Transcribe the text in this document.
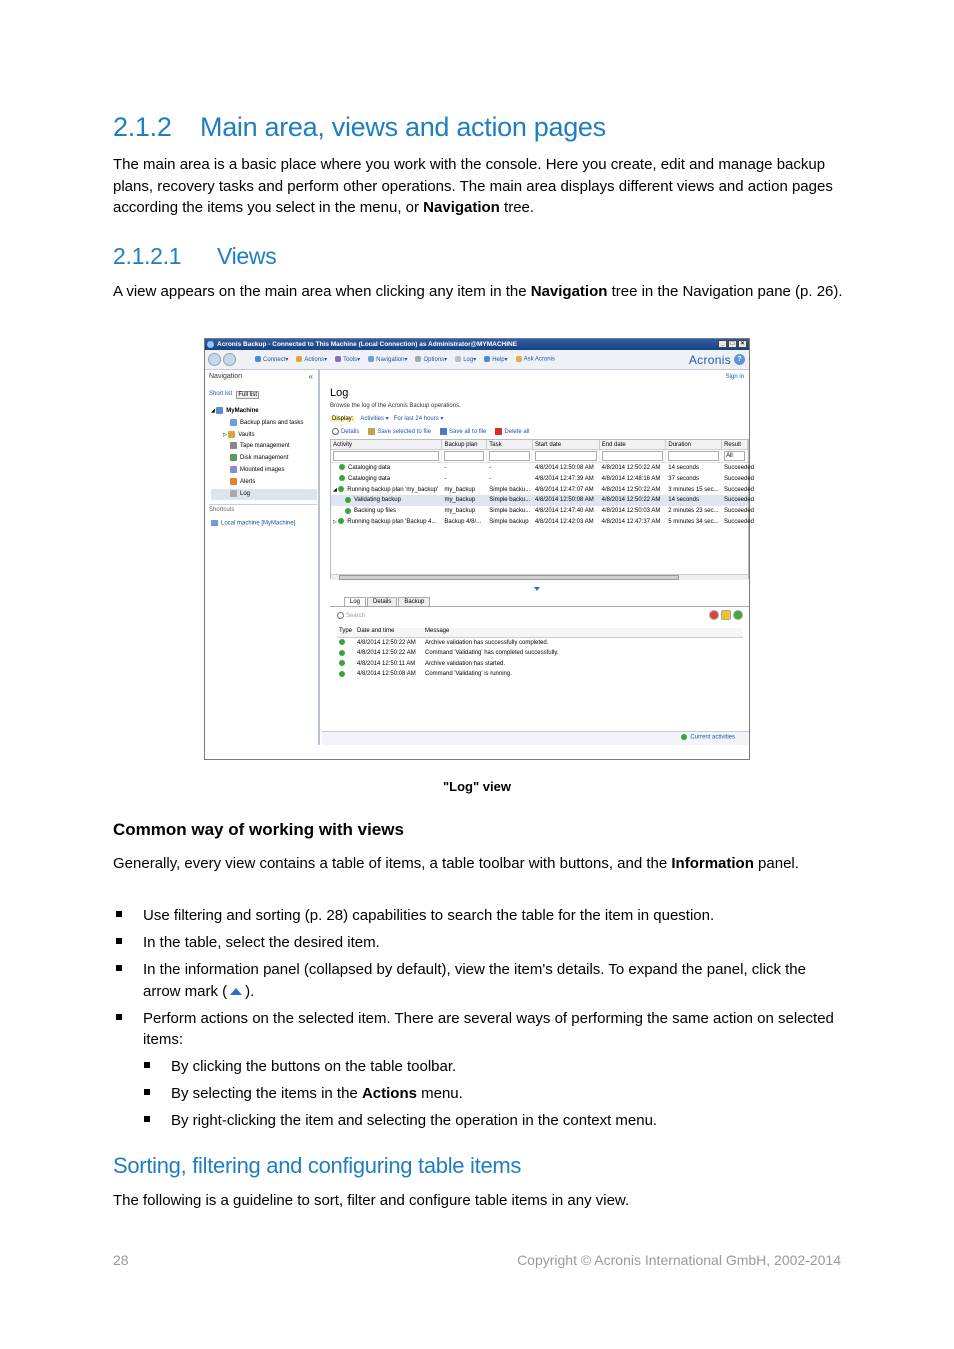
2.1.2 Main area, views and action pages
The main area is a basic place where you work with the console. Here you create, edit and manage backup plans, recovery tasks and perform other operations. The main area displays different views and action pages according the items you select in the menu, or Navigation tree.
2.1.2.1 Views
A view appears on the main area when clicking any item in the Navigation tree in the Navigation pane (p. 26).
Acronis Backup - Connected to This Machine (Local Connection) as Administrator@MYMACHINE	_	□	×
Connect▾	Actions▾	Tools▾	Navigation▾	Options▾	Log▾	Help▾	Ask Acronis	Acronis ?
Navigation	«
Short list	Full list
◢ MyMachine
Backup plans and tasks
▷ Vaults
Tape management
Disk management
Mounted images
Alerts
Log
Shortcuts
Local machine [MyMachine]
Sign in
Log
Browse the log of the Acronis Backup operations.
Display:	Activities ▾ For last 24 hours ▾
Details	Save selected to file	Save all to file	Delete all
Activity	Backup plan	Task	Start date	End date	Duration	Result
All
Cataloging data	-	-	4/8/2014 12:50:08 AM	4/8/2014 12:50:22 AM	14 seconds	Succeeded
Cataloging data	-	-	4/8/2014 12:47:39 AM	4/8/2014 12:48:16 AM	37 seconds	Succeeded
◢ Running backup plan 'my_backup'	my_backup	Simple backu... 4/8/2014 12:47:07 AM	4/8/2014 12:50:22 AM	3 minutes 15 sec... Succeeded
Validating backup	my_backup	Simple backu... 4/8/2014 12:50:08 AM	4/8/2014 12:50:22 AM	14 seconds	Succeeded
Backing up files	my_backup	Simple backu... 4/8/2014 12:47:40 AM	4/8/2014 12:50:03 AM	2 minutes 23 sec... Succeeded
▷ Running backup plan 'Backup 4...	Backup 4/8/...	Simple backup	4/8/2014 12:42:03 AM	4/8/2014 12:47:37 AM	5 minutes 34 sec... Succeeded
Log	Details	Backup
Search
Type Date and time	Message
4/8/2014 12:50:22 AM	Archive validation has successfully completed.
4/8/2014 12:50:22 AM	Command 'Validating' has completed successfully.
4/8/2014 12:50:11 AM	Archive validation has started.
4/8/2014 12:50:08 AM	Command 'Validating' is running.
Current activities
"Log" view
Common way of working with views
Generally, every view contains a table of items, a table toolbar with buttons, and the Information panel.
Use filtering and sorting (p. 28) capabilities to search the table for the item in question.
In the table, select the desired item.
In the information panel (collapsed by default), view the item's details. To expand the panel, click the arrow mark ( ).
Perform actions on the selected item. There are several ways of performing the same action on selected items:
By clicking the buttons on the table toolbar.
By selecting the items in the Actions menu.
By right-clicking the item and selecting the operation in the context menu.
Sorting, filtering and configuring table items
The following is a guideline to sort, filter and configure table items in any view.
28	Copyright © Acronis International GmbH, 2002-2014
